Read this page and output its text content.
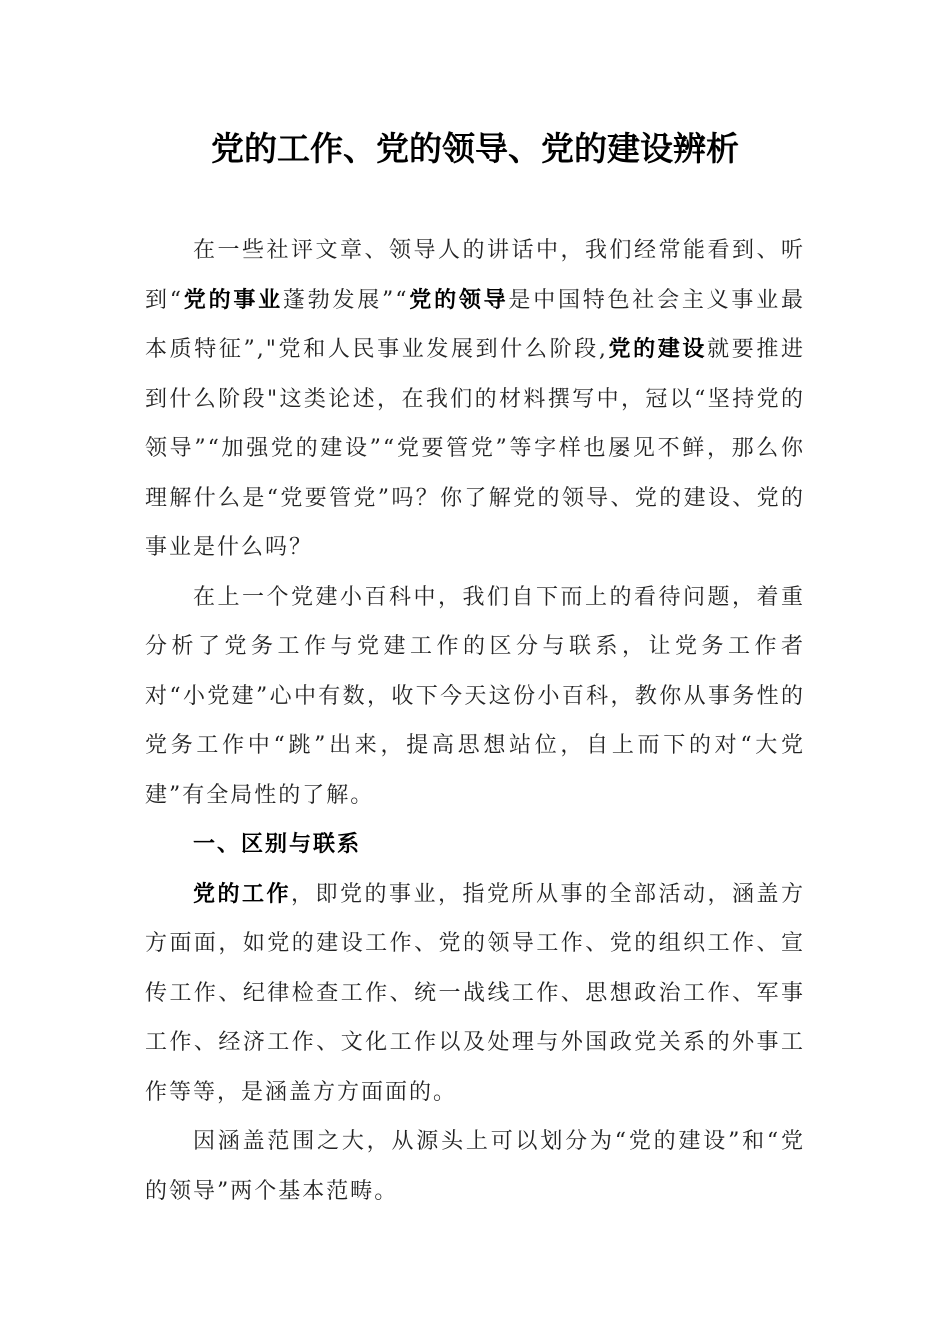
党的工作、党的领导、党的建设辨析

在一些社评文章、领导人的讲话中，我们经常能看到、听到“党的事业蓬勃发展”“党的领导是中国特色社会主义事业最本质特征”,"党和人民事业发展到什么阶段,党的建设就要推进到什么阶段"这类论述，在我们的材料撰写中，冠以“坚持党的领导”“加强党的建设”“党要管党”等字样也屡见不鲜，那么你理解什么是“党要管党”吗？你了解党的领导、党的建设、党的事业是什么吗？

在上一个党建小百科中，我们自下而上的看待问题，着重分析了党务工作与党建工作的区分与联系，让党务工作者对“小党建”心中有数，收下今天这份小百科，教你从事务性的党务工作中“跳”出来，提高思想站位，自上而下的对“大党建”有全局性的了解。

一、区别与联系

党的工作，即党的事业，指党所从事的全部活动，涵盖方方面面，如党的建设工作、党的领导工作、党的组织工作、宣传工作、纪律检查工作、统一战线工作、思想政治工作、军事工作、经济工作、文化工作以及处理与外国政党关系的外事工作等等，是涵盖方方面面的。

因涵盖范围之大，从源头上可以划分为“党的建设”和“党的领导”两个基本范畴。
